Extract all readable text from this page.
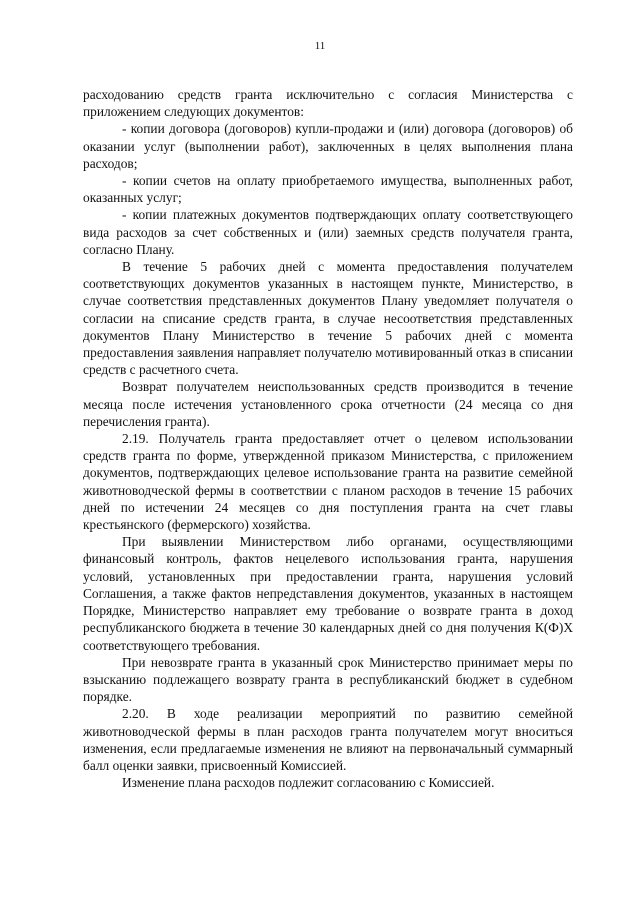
11

расходованию средств гранта исключительно с согласия Министерства с приложением следующих документов:

- копии договора (договоров) купли-продажи и (или) договора (договоров) об оказании услуг (выполнении работ), заключенных в целях выполнения плана расходов;

- копии счетов на оплату приобретаемого имущества, выполненных работ, оказанных услуг;

- копии платежных документов подтверждающих оплату соответствующего вида расходов за счет собственных и (или) заемных средств получателя гранта, согласно Плану.

В течение 5 рабочих дней с момента предоставления получателем соответствующих документов указанных в настоящем пункте, Министерство, в случае соответствия представленных документов Плану уведомляет получателя о согласии на списание средств гранта, в случае несоответствия представленных документов Плану Министерство в течение 5 рабочих дней с момента предоставления заявления направляет получателю мотивированный отказ в списании средств с расчетного счета.

Возврат получателем неиспользованных средств производится в течение месяца после истечения установленного срока отчетности (24 месяца со дня перечисления гранта).

2.19. Получатель гранта предоставляет отчет о целевом использовании средств гранта по форме, утвержденной приказом Министерства, с приложением документов, подтверждающих целевое использование гранта на развитие семейной животноводческой фермы в соответствии с планом расходов в течение 15 рабочих дней по истечении 24 месяцев со дня поступления гранта на счет главы крестьянского (фермерского) хозяйства.

При выявлении Министерством либо органами, осуществляющими финансовый контроль, фактов нецелевого использования гранта, нарушения условий, установленных при предоставлении гранта, нарушения условий Соглашения, а также фактов непредставления документов, указанных в настоящем Порядке, Министерство направляет ему требование о возврате гранта в доход республиканского бюджета в течение 30 календарных дней со дня получения К(Ф)Х соответствующего требования.

При невозврате гранта в указанный срок Министерство принимает меры по взысканию подлежащего возврату гранта в республиканский бюджет в судебном порядке.

2.20. В ходе реализации мероприятий по развитию семейной животноводческой фермы в план расходов гранта получателем могут вноситься изменения, если предлагаемые изменения не влияют на первоначальный суммарный балл оценки заявки, присвоенный Комиссией.

Изменение плана расходов подлежит согласованию с Комиссией.
